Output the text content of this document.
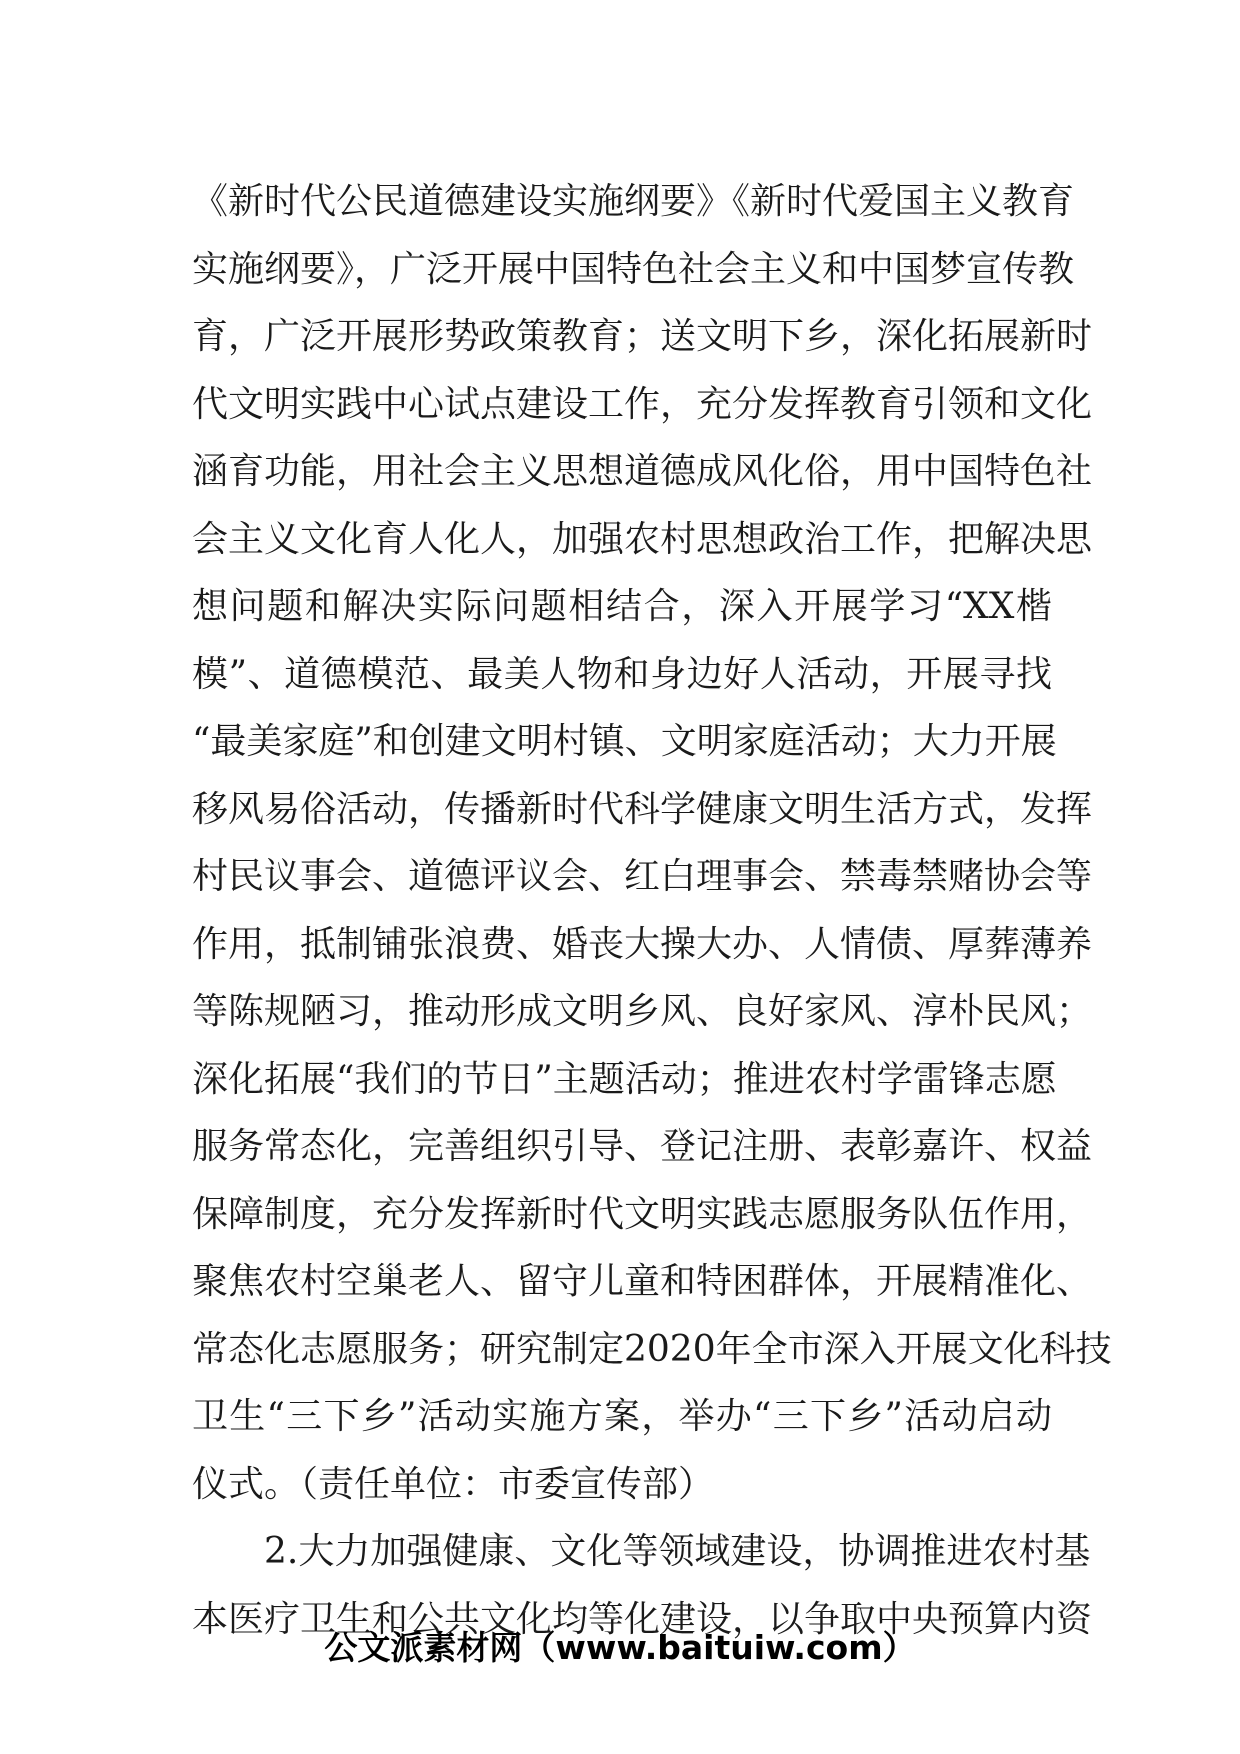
《新时代公民道德建设实施纲要》《新时代爱国主义教育
实施纲要》，广泛开展中国特色社会主义和中国梦宣传教
育，广泛开展形势政策教育；送文明下乡，深化拓展新时
代文明实践中心试点建设工作，充分发挥教育引领和文化
涵育功能，用社会主义思想道德成风化俗，用中国特色社
会主义文化育人化人，加强农村思想政治工作，把解决思
想问题和解决实际问题相结合，深入开展学习“XX楷
模”、道德模范、最美人物和身边好人活动，开展寻找
“最美家庭”和创建文明村镇、文明家庭活动；大力开展
移风易俗活动，传播新时代科学健康文明生活方式，发挥
村民议事会、道德评议会、红白理事会、禁毒禁赌协会等
作用，抵制铺张浪费、婚丧大操大办、人情债、厚葬薄养
等陈规陋习，推动形成文明乡风、良好家风、淳朴民风；
深化拓展“我们的节日”主题活动；推进农村学雷锋志愿
服务常态化，完善组织引导、登记注册、表彰嘉许、权益
保障制度，充分发挥新时代文明实践志愿服务队伍作用，
聚焦农村空巢老人、留守儿童和特困群体，开展精准化、
常态化志愿服务；研究制定2020年全市深入开展文化科技
卫生“三下乡”活动实施方案，举办“三下乡”活动启动
仪式。（责任单位：市委宣传部）
2.大力加强健康、文化等领域建设，协调推进农村基
本医疗卫生和公共文化均等化建设，以争取中央预算内资
公文派素材网（www.baituiw.com）
